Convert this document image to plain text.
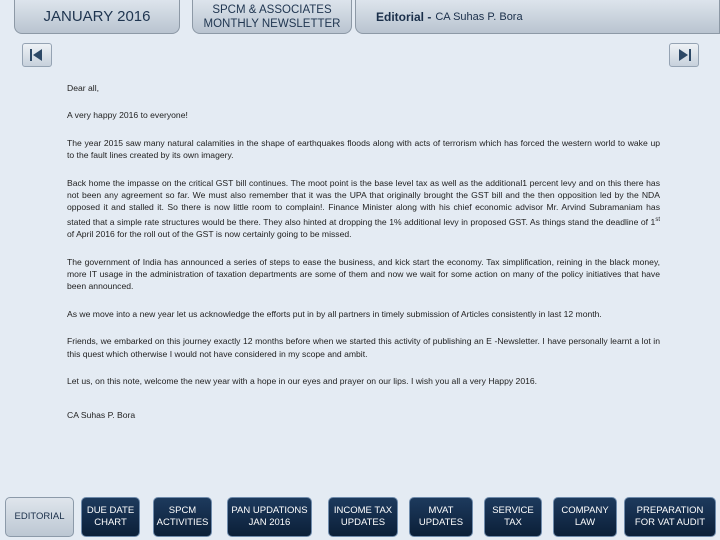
JANUARY 2016	SPCM & ASSOCIATES
MONTHLY NEWSLETTER	Editorial - CA Suhas P. Bora

Dear all,

A very happy 2016 to everyone!

The year 2015 saw many natural calamities in the shape of earthquakes floods along with acts of terrorism which has forced the western world to wake up to the fault lines created by its own imagery.

Back home the impasse on the critical GST bill continues. The moot point is the base level tax as well as the additional1 percent levy and on this there has not been any agreement so far. We must also remember that it was the UPA that originally brought the GST bill and the then opposition led by the NDA opposed it and stalled it. So there is now little room to complain!. Finance Minister along with his chief economic advisor Mr. Arvind Subramaniam has stated that a simple rate structures would be there. They also hinted at dropping the 1% additional levy in proposed GST. As things stand the deadline of 1st of April 2016 for the roll out of the GST is now certainly going to be missed.

The government of India has announced a series of steps to ease the business, and kick start the economy. Tax simplification, reining in the black money, more IT usage in the administration of taxation departments are some of them and now we wait for some action on many of the policy initiatives that have been announced.

As we move into a new year let us acknowledge the efforts put in by all partners in timely submission of Articles consistently in last 12 month.

Friends, we embarked on this journey exactly 12 months before when we started this activity of publishing an E -Newsletter. I have personally learnt a lot in this quest which otherwise I would not have considered in my scope and ambit.

Let us, on this note, welcome the new year with a hope in our eyes and prayer on our lips. I wish you all a very Happy 2016.

CA Suhas P. Bora

EDITORIAL
DUE DATE
CHART
SPCM
ACTIVITIES
PAN UPDATIONS
JAN 2016
INCOME TAX
UPDATES
MVAT
UPDATES
SERVICE
TAX
COMPANY
LAW
PREPARATION
FOR VAT AUDIT
